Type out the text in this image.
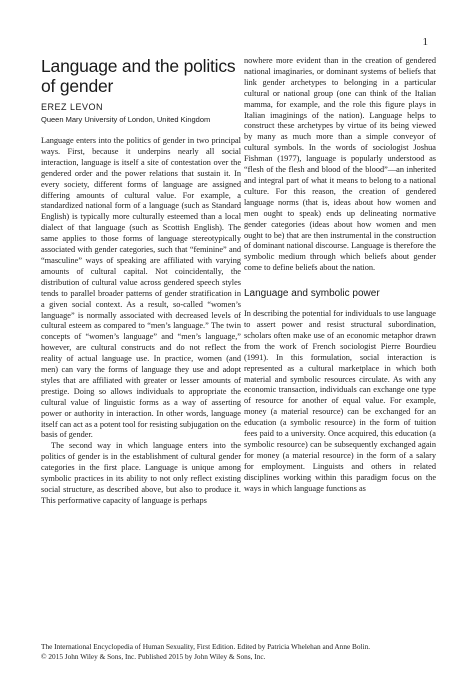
1
Language and the politics
of gender
EREZ LEVON
Queen Mary University of London, United Kingdom

Language enters into the politics of gender in two principal ways. First, because it underpins nearly all social interaction, language is itself a site of contestation over the gendered order and the power relations that sustain it. In every society, different forms of language are assigned differing amounts of cultural value. For example, a standardized national form of a language (such as Standard English) is typically more culturally esteemed than a local dialect of that language (such as Scottish English). The same applies to those forms of language stereotypically associated with gender categories, such that “feminine” and “masculine” ways of speaking are affiliated with varying amounts of cultural capital. Not coincidentally, the distribution of cultural value across gendered speech styles tends to parallel broader patterns of gender stratification in a given social context. As a result, so-called “women’s language” is normally associated with decreased levels of cultural esteem as compared to “men’s language.” The twin concepts of “women’s language” and “men’s language,” however, are cultural constructs and do not reflect the reality of actual language use. In practice, women (and men) can vary the forms of language they use and adopt styles that are affiliated with greater or lesser amounts of prestige. Doing so allows individuals to appropriate the cultural value of linguistic forms as a way of asserting power or authority in interaction. In other words, language itself can act as a potent tool for resisting subjugation on the basis of gender.

The second way in which language enters into the politics of gender is in the establishment of cultural gender categories in the first place. Language is unique among symbolic practices in its ability to not only reflect existing social structure, as described above, but also to produce it. This performative capacity of language is perhaps

nowhere more evident than in the creation of gendered national imaginaries, or dominant systems of beliefs that link gender archetypes to belonging in a particular cultural or national group (one can think of the Italian mamma, for example, and the role this figure plays in Italian imaginings of the nation). Language helps to construct these archetypes by virtue of its being viewed by many as much more than a simple conveyor of cultural symbols. In the words of sociologist Joshua Fishman (1977), language is popularly understood as “flesh of the flesh and blood of the blood”—an inherited and integral part of what it means to belong to a national culture. For this reason, the creation of gendered language norms (that is, ideas about how women and men ought to speak) ends up delineating normative gender categories (ideas about how women and men ought to be) that are then instrumental in the construction of dominant national discourse. Language is therefore the symbolic medium through which beliefs about gender come to define beliefs about the nation.

Language and symbolic power

In describing the potential for individuals to use language to assert power and resist structural subordination, scholars often make use of an economic metaphor drawn from the work of French sociologist Pierre Bourdieu (1991). In this formulation, social interaction is represented as a cultural marketplace in which both material and symbolic resources circulate. As with any economic transaction, individuals can exchange one type of resource for another of equal value. For example, money (a material resource) can be exchanged for an education (a symbolic resource) in the form of tuition fees paid to a university. Once acquired, this education (a symbolic resource) can be subsequently exchanged again for money (a material resource) in the form of a salary for employment. Linguists and others in related disciplines working within this paradigm focus on the ways in which language functions as

The International Encyclopedia of Human Sexuality, First Edition. Edited by Patricia Whelehan and Anne Bolin.
© 2015 John Wiley & Sons, Inc. Published 2015 by John Wiley & Sons, Inc.
